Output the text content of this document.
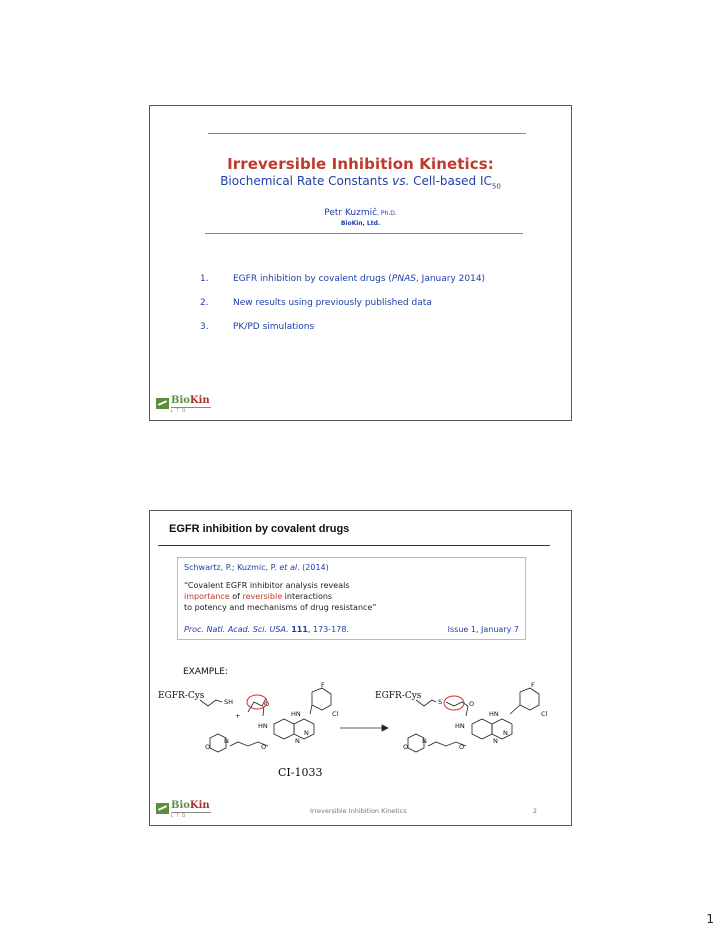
Irreversible Inhibition Kinetics:
Biochemical Rate Constants vs. Cell-based $IC_{50}$
Petr Kuzmič, Ph.D.
BioKin, Ltd.
1.	EGFR inhibition by covalent drugs (PNAS, January 2014)
2.	New results using previously published data
3.	PK/PD simulations
BioKin
L T D
EGFR inhibition by covalent drugs
Schwartz, P.; Kuzmic, P. et al. (2014)
“Covalent EGFR inhibitor analysis reveals
importance of reversible interactions
to potency and mechanisms of drug resistance”
Proc. Natl. Acad. Sci. USA. 111, 173-178.	Issue 1, January 7
EXAMPLE:
EGFR-Cys	EGFR-Cys
CI-1033
SH
+
O
F
Cl
HN
HN
N
N
N
O	O
S	O
F
Cl
HN
HN
N
N
N
O	O
Irreversible Inhibition Kinetics	2
BioKin
L T D
1
